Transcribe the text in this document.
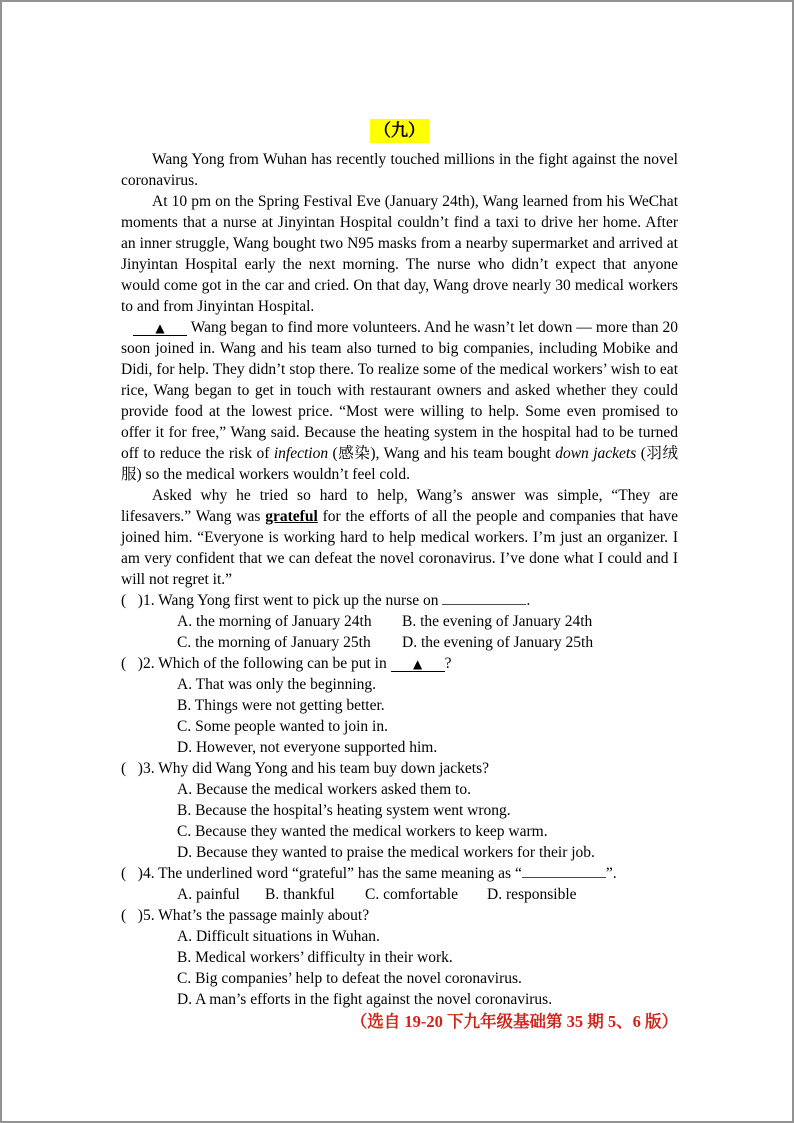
（九）

Wang Yong from Wuhan has recently touched millions in the fight against the novel coronavirus.

At 10 pm on the Spring Festival Eve (January 24th), Wang learned from his WeChat moments that a nurse at Jinyintan Hospital couldn’t find a taxi to drive her home. After an inner struggle, Wang bought two N95 masks from a nearby supermarket and arrived at Jinyintan Hospital early the next morning. The nurse who didn’t expect that anyone would come got in the car and cried. On that day, Wang drove nearly 30 medical workers to and from Jinyintan Hospital.

▲ Wang began to find more volunteers. And he wasn’t let down — more than 20 soon joined in. Wang and his team also turned to big companies, including Mobike and Didi, for help. They didn’t stop there. To realize some of the medical workers’ wish to eat rice, Wang began to get in touch with restaurant owners and asked whether they could provide food at the lowest price. “Most were willing to help. Some even promised to offer it for free,” Wang said. Because the heating system in the hospital had to be turned off to reduce the risk of infection (感染), Wang and his team bought down jackets (羽绒服) so the medical workers wouldn’t feel cold.

Asked why he tried so hard to help, Wang’s answer was simple, “They are lifesavers.” Wang was grateful for the efforts of all the people and companies that have joined him. “Everyone is working hard to help medical workers. I’m just an organizer. I am very confident that we can defeat the novel coronavirus. I’ve done what I could and I will not regret it.”

(   )1. Wang Yong first went to pick up the nurse on	.
A. the morning of January 24th	B. the evening of January 24th
C. the morning of January 25th	D. the evening of January 25th
(   )2. Which of the following can be put in ▲ ?
A. That was only the beginning.
B. Things were not getting better.
C. Some people wanted to join in.
D. However, not everyone supported him.
(   )3. Why did Wang Yong and his team buy down jackets?
A. Because the medical workers asked them to.
B. Because the hospital’s heating system went wrong.
C. Because they wanted the medical workers to keep warm.
D. Because they wanted to praise the medical workers for their job.
(   )4. The underlined word “grateful” has the same meaning as “	”.
A. painful	B. thankful	C. comfortable	D. responsible
(   )5. What’s the passage mainly about?
A. Difficult situations in Wuhan.
B. Medical workers’ difficulty in their work.
C. Big companies’ help to defeat the novel coronavirus.
D. A man’s efforts in the fight against the novel coronavirus.
（选自 19-20 下九年级基础第 35 期 5、6 版）
